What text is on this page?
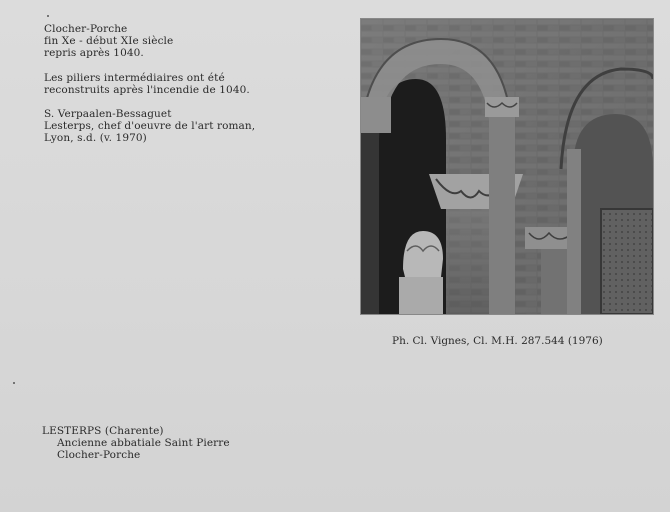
Clocher-Porche
fin Xe - début XIe siècle
repris après 1040.
Les piliers intermédiaires ont été
reconstruits après l'incendie de 1040.
S. Verpaalen-Bessaguet
Lesterps, chef d'oeuvre de l'art roman,
Lyon, s.d. (v. 1970)
Ph. Cl. Vignes, Cl. M.H. 287.544 (1976)
LESTERPS (Charente)
Ancienne abbatiale Saint Pierre
Clocher-Porche
